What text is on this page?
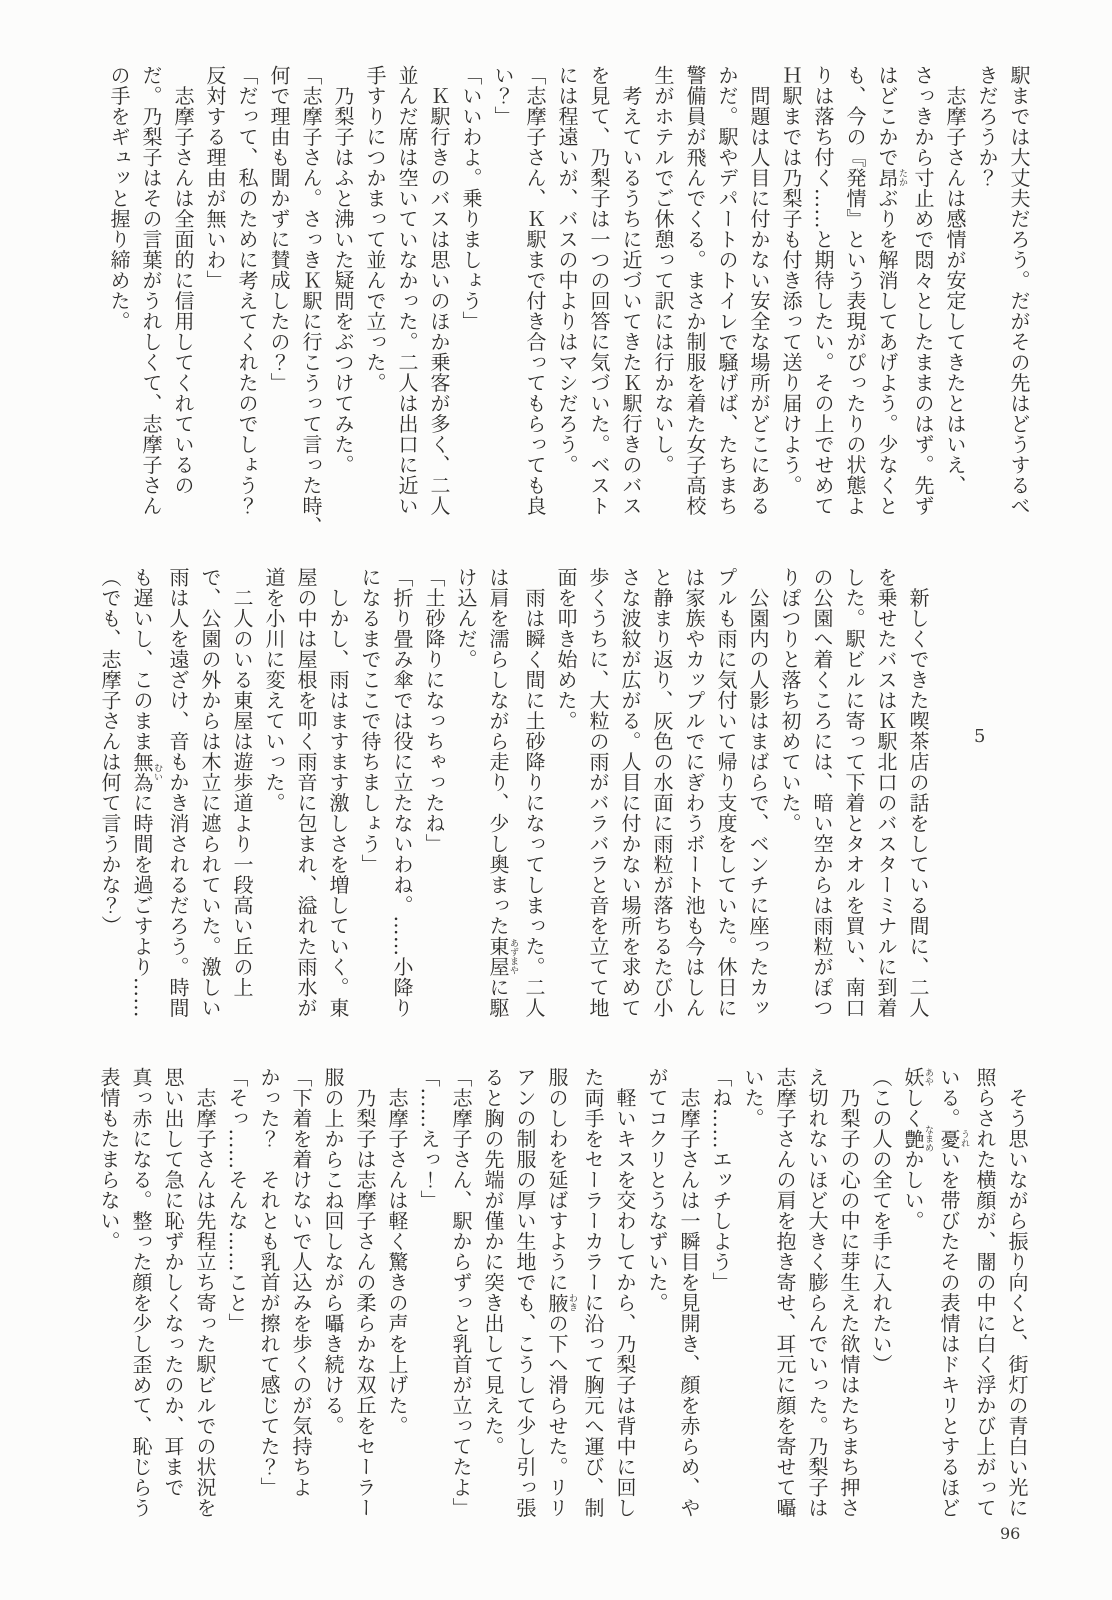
駅までは大丈夫だろう。だがその先はどうするべ

きだろうか？

　志摩子さんは感情が安定してきたとはいえ、

さっきから寸止めで悶々としたままのはず。先ず

はどこかで昂たかぶりを解消してあげよう。少なくと

も、今の『発情』という表現がぴったりの状態よ

りは落ち付く……と期待したい。その上でせめて

Ｈ駅までは乃梨子も付き添って送り届けよう。

　問題は人目に付かない安全な場所がどこにある

かだ。駅やデパートのトイレで騒げば、たちまち

警備員が飛んでくる。まさか制服を着た女子高校

生がホテルでご休憩って訳には行かないし。

　考えているうちに近づいてきたＫ駅行きのバス

を見て、乃梨子は一つの回答に気づいた。ベスト

には程遠いが、バスの中よりはマシだろう。

「志摩子さん、Ｋ駅まで付き合ってもらっても良

い？」

「いいわよ。乗りましょう」

　Ｋ駅行きのバスは思いのほか乗客が多く、二人

並んだ席は空いていなかった。二人は出口に近い

手すりにつかまって並んで立った。

　乃梨子はふと沸いた疑問をぶつけてみた。

「志摩子さん。さっきＫ駅に行こうって言った時、

何で理由も聞かずに賛成したの？」

「だって、私のために考えてくれたのでしょう？

反対する理由が無いわ」

　志摩子さんは全面的に信用してくれているの

だ。乃梨子はその言葉がうれしくて、志摩子さん

の手をギュッと握り締めた。

5

　新しくできた喫茶店の話をしている間に、二人

を乗せたバスはＫ駅北口のバスターミナルに到着

した。駅ビルに寄って下着とタオルを買い、南口

の公園へ着くころには、暗い空からは雨粒がぽつ

りぽつりと落ち初めていた。

　公園内の人影はまばらで、ベンチに座ったカッ

プルも雨に気付いて帰り支度をしていた。休日に

は家族やカップルでにぎわうボート池も今はしん

と静まり返り、灰色の水面に雨粒が落ちるたび小

さな波紋が広がる。人目に付かない場所を求めて

歩くうちに、大粒の雨がバラバラと音を立てて地

面を叩き始めた。

　雨は瞬く間に土砂降りになってしまった。二人

は肩を濡らしながら走り、少し奥まった東屋あずまやに駆

け込んだ。

「土砂降りになっちゃったね」

「折り畳み傘では役に立たないわね。……小降り

になるまでここで待ちましょう」

　しかし、雨はますます激しさを増していく。東

屋の中は屋根を叩く雨音に包まれ、溢れた雨水が

道を小川に変えていった。

　二人のいる東屋は遊歩道より一段高い丘の上

で、公園の外からは木立に遮られていた。激しい

雨は人を遠ざけ、音もかき消されるだろう。時間

も遅いし、このまま無為むいに時間を過ごすより……

（でも、志摩子さんは何て言うかな？）

　そう思いながら振り向くと、街灯の青白い光に

照らされた横顔が、闇の中に白く浮かび上がって

いる。憂うれいを帯びたその表情はドキリとするほど

妖あやしく艶なまめかしい。

（この人の全てを手に入れたい）

　乃梨子の心の中に芽生えた欲情はたちまち押さ

え切れないほど大きく膨らんでいった。乃梨子は

志摩子さんの肩を抱き寄せ、耳元に顔を寄せて囁

いた。

「ね……エッチしよう」

　志摩子さんは一瞬目を見開き、顔を赤らめ、や

がてコクリとうなずいた。

　軽いキスを交わしてから、乃梨子は背中に回し

た両手をセーラーカラーに沿って胸元へ運び、制

服のしわを延ばすように腋わきの下へ滑らせた。リリ

アンの制服の厚い生地でも、こうして少し引っ張

ると胸の先端が僅かに突き出して見えた。

「志摩子さん、駅からずっと乳首が立ってたよ」

「……えっ！」

　志摩子さんは軽く驚きの声を上げた。

　乃梨子は志摩子さんの柔らかな双丘をセーラー

服の上からこね回しながら囁き続ける。

「下着を着けないで人込みを歩くのが気持ちよ

かった？　それとも乳首が擦れて感じてた？」

「そっ……そんな……こと」

　志摩子さんは先程立ち寄った駅ビルでの状況を

思い出して急に恥ずかしくなったのか、耳まで

真っ赤になる。整った顔を少し歪めて、恥じらう

表情もたまらない。

96
